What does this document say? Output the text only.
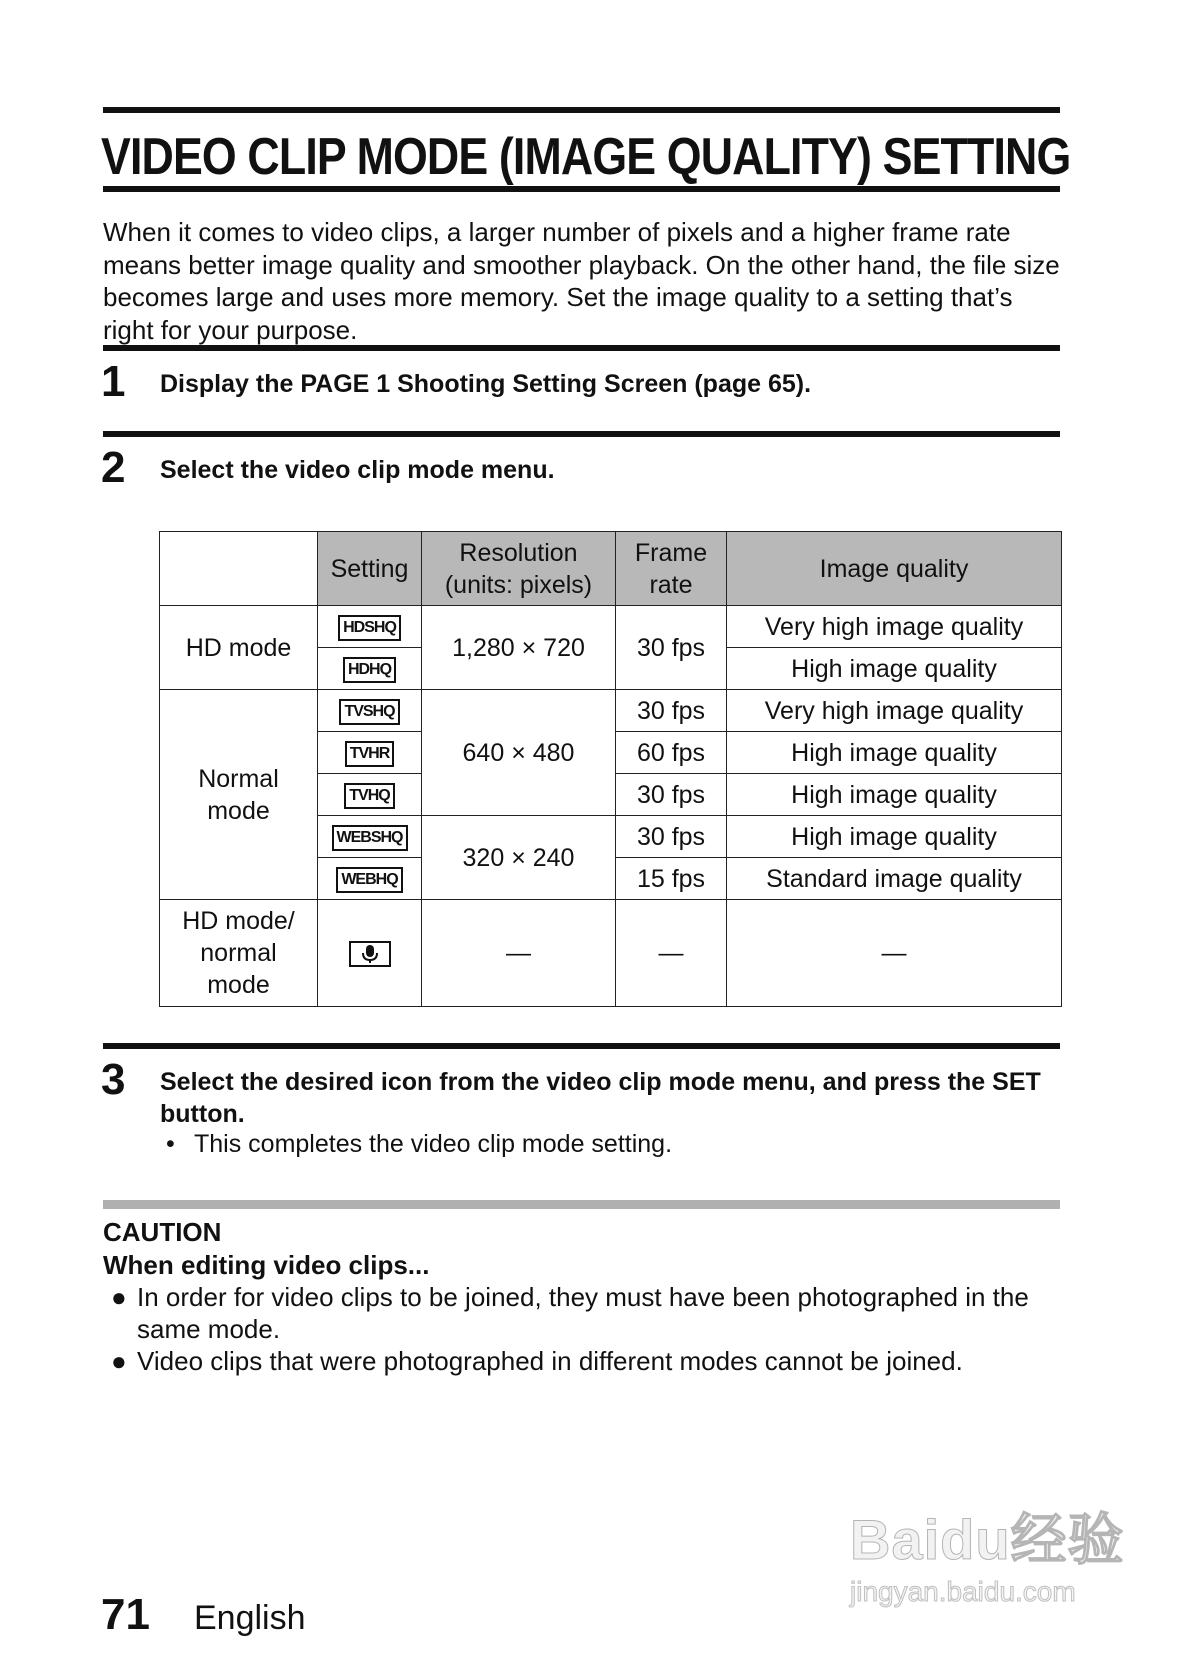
VIDEO CLIP MODE (IMAGE QUALITY) SETTING

When it comes to video clips, a larger number of pixels and a higher frame rate means better image quality and smoother playback. On the other hand, the file size becomes large and uses more memory. Set the image quality to a setting that’s right for your purpose.

1 Display the PAGE 1 Shooting Setting Screen (page 65).

2 Select the video clip mode menu.

	Setting	Resolution (units: pixels)	Frame rate	Image quality
HD mode	HDSHQ	1,280 × 720	30 fps	Very high image quality
	HDHQ			High image quality
Normal mode	TVSHQ	640 × 480	30 fps	Very high image quality
	TVHR		60 fps	High image quality
	TVHQ		30 fps	High image quality
	WEBSHQ	320 × 240	30 fps	High image quality
	WEBHQ		15 fps	Standard image quality
HD mode/ normal mode		—	—	—
3 Select the desired icon from the video clip mode menu, and press the SET button.

• This completes the video clip mode setting.
CAUTION
When editing video clips...
● In order for video clips to be joined, they must have been photographed in the same mode.
● Video clips that were photographed in different modes cannot be joined.
71 English
Baidu经验
jingyan.baidu.com
